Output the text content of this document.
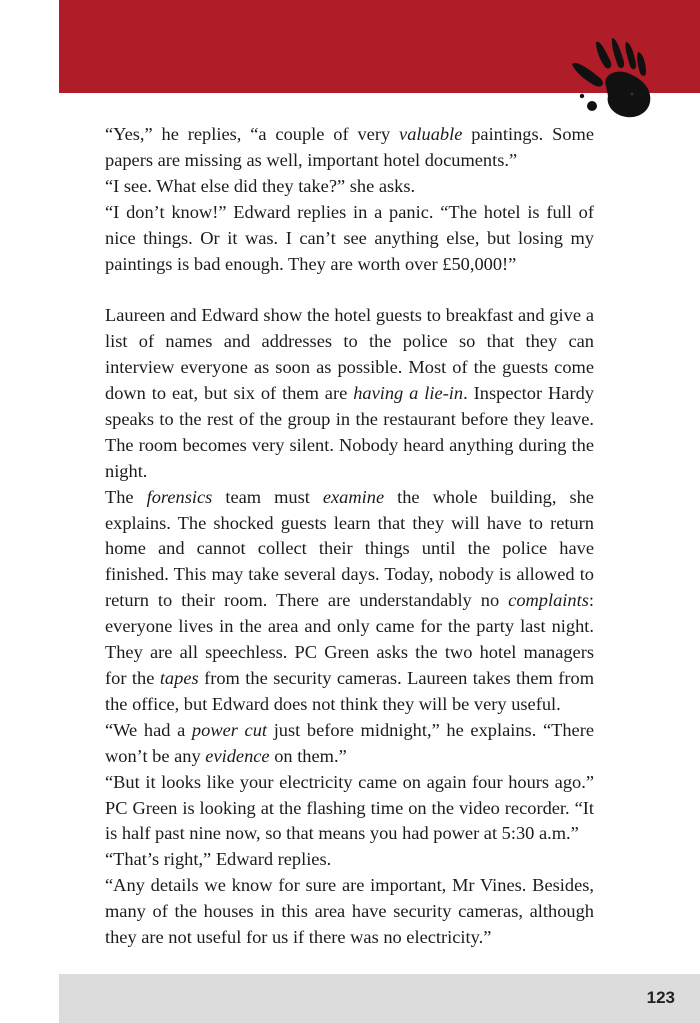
“Yes,” he replies, “a couple of very valuable paintings. Some papers are missing as well, important hotel documents.”

“I see. What else did they take?” she asks.

“I don’t know!” Edward replies in a panic. “The hotel is full of nice things. Or it was. I can’t see anything else, but losing my paintings is bad enough. They are worth over £50,000!”

Laureen and Edward show the hotel guests to breakfast and give a list of names and addresses to the police so that they can interview everyone as soon as possible. Most of the guests come down to eat, but six of them are having a lie-in. Inspector Hardy speaks to the rest of the group in the restaurant before they leave. The room becomes very silent. Nobody heard anything during the night.

The forensics team must examine the whole building, she explains. The shocked guests learn that they will have to return home and cannot collect their things until the police have finished. This may take several days. Today, nobody is allowed to return to their room. There are understandably no complaints: everyone lives in the area and only came for the party last night. They are all speechless. PC Green asks the two hotel managers for the tapes from the security cameras. Laureen takes them from the office, but Edward does not think they will be very useful.

“We had a power cut just before midnight,” he explains. “There won’t be any evidence on them.”

“But it looks like your electricity came on again four hours ago.” PC Green is looking at the flashing time on the video recorder. “It is half past nine now, so that means you had power at 5:30 a.m.”

“That’s right,” Edward replies.

“Any details we know for sure are important, Mr Vines. Besides, many of the houses in this area have security cameras, although they are not useful for us if there was no electricity.”

123
